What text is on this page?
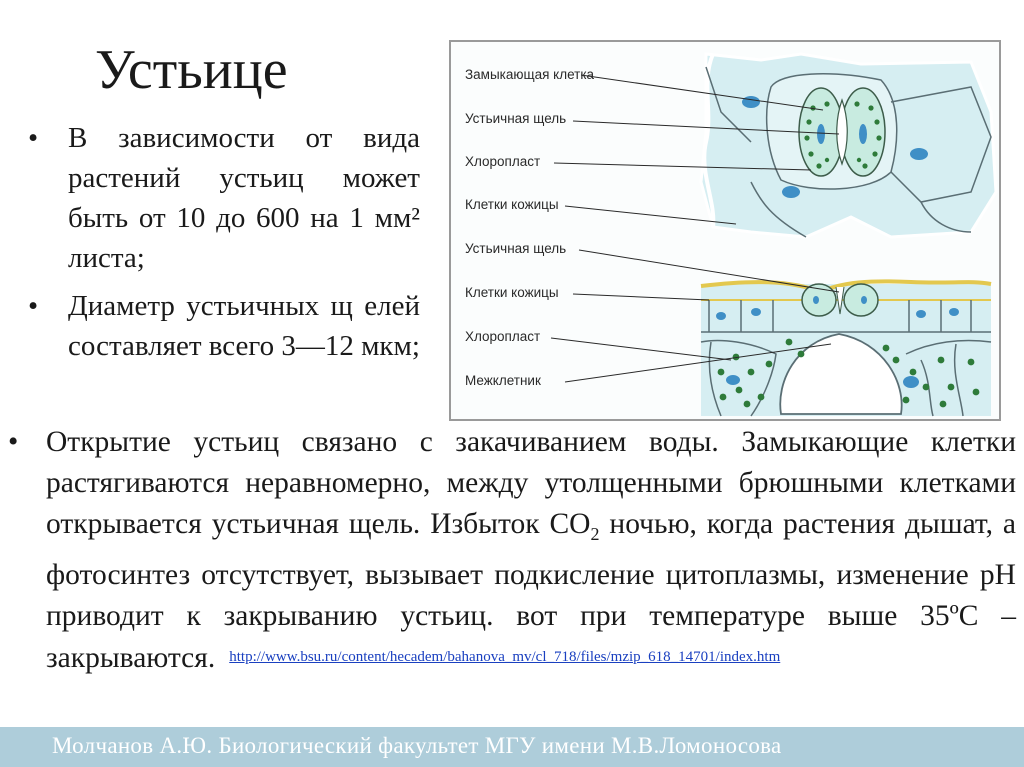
Устьице
• В зависимости от вида растений устьиц может быть от 10 до 600 на 1 мм² листа;
• Диаметр устьичных щ елей составляет всего 3—12 мкм;
Замыкающая клетка
Устьичная щель
Хлоропласт
Клетки кожицы
Устьичная щель
Клетки кожицы
Хлоропласт
Межклетник
• Открытие устьиц связано с закачиванием воды. Замыкающие клетки растягиваются неравномерно, между утолщенными брюшными клетками открывается устьичная щель. Избыток $CO_2$ ночью, когда растения дышат, а фотосинтез отсутствует, вызывает подкисление цитоплазмы, изменение pH приводит к закрыванию устьиц. вот при температуре выше 35ºC – закрываются. $^{http://www.bsu.ru/content/hecadem/bahanova\_mv/cl\_718/files/mzip\_618\_14701/index.htm}$
Молчанов А.Ю. Биологический факультет МГУ имени М.В.Ломоносова
